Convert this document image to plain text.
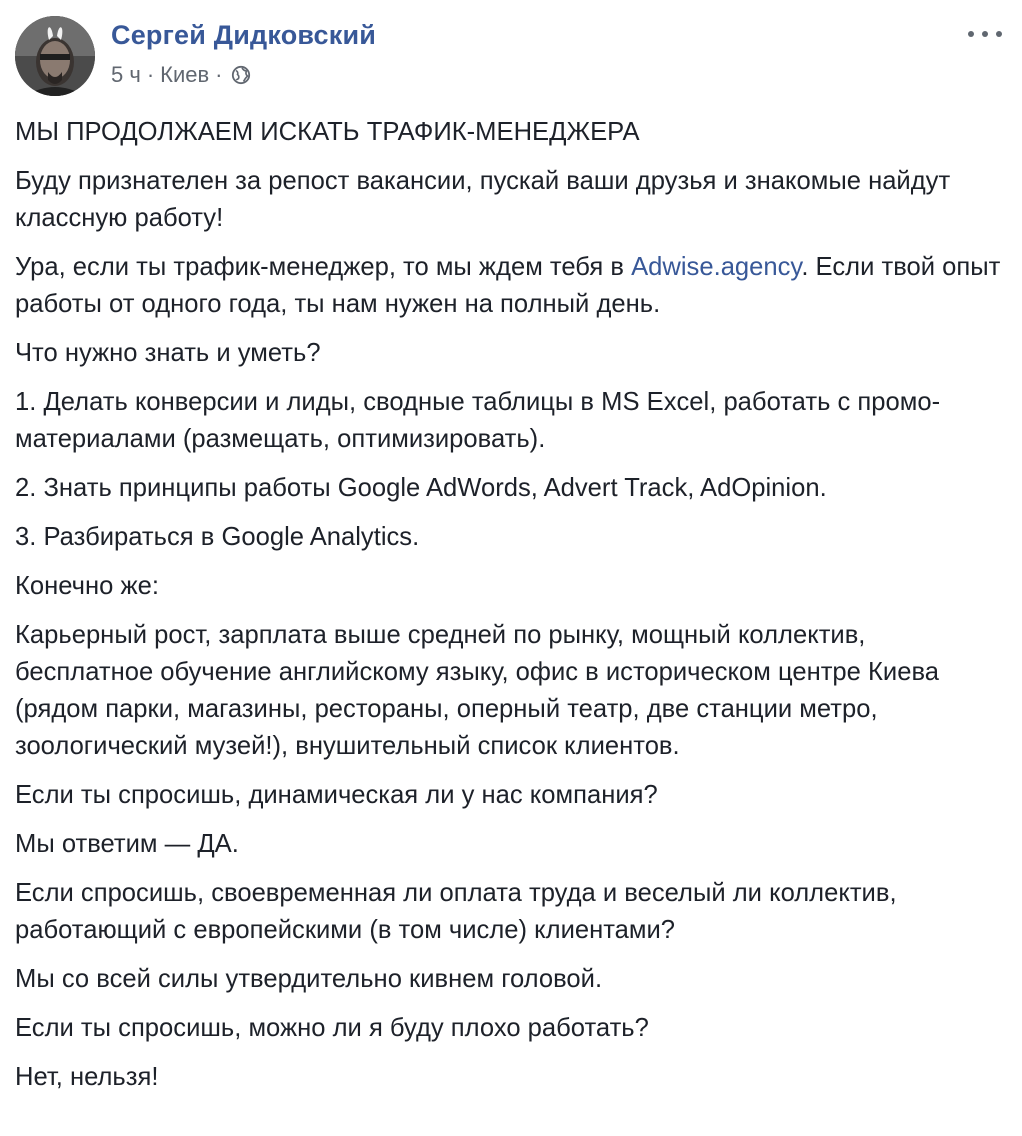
Сергей Дидковский
5 ч · Киев ·

МЫ ПРОДОЛЖАЕМ ИСКАТЬ ТРАФИК-МЕНЕДЖЕРА

Буду признателен за репост вакансии, пускай ваши друзья и знакомые найдут классную работу!

Ура, если ты трафик-менеджер, то мы ждем тебя в Adwise.agency. Если твой опыт работы от одного года, ты нам нужен на полный день.

Что нужно знать и уметь?

1. Делать конверсии и лиды, сводные таблицы в MS Excel, работать с промо-материалами (размещать, оптимизировать).

2. Знать принципы работы Google AdWords, Advert Track, AdOpinion.

3. Разбираться в Google Analytics.

Конечно же:

Карьерный рост, зарплата выше средней по рынку, мощный коллектив, бесплатное обучение английскому языку, офис в историческом центре Киева (рядом парки, магазины, рестораны, оперный театр, две станции метро, зоологический музей!), внушительный список клиентов.

Если ты спросишь, динамическая ли у нас компания?

Мы ответим — ДА.

Если спросишь, своевременная ли оплата труда и веселый ли коллектив, работающий с европейскими (в том числе) клиентами?

Мы со всей силы утвердительно кивнем головой.

Если ты спросишь, можно ли я буду плохо работать?

Нет, нельзя!
